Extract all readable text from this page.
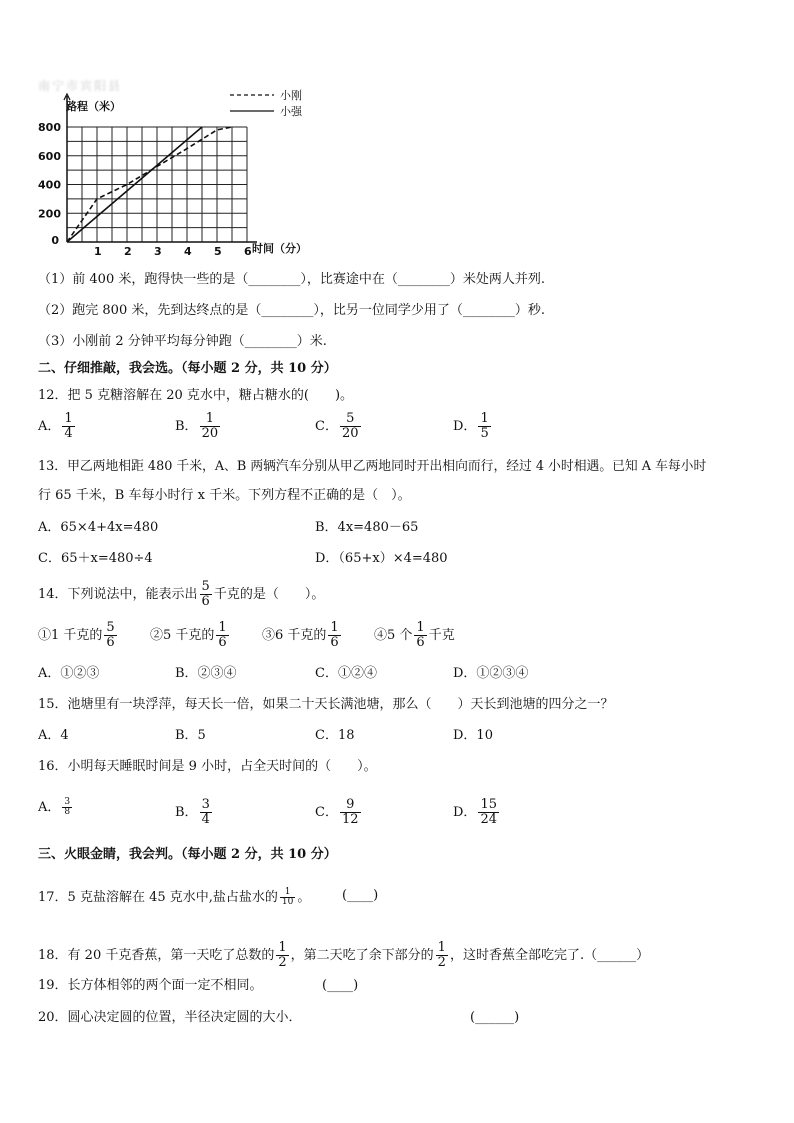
南宁市宾阳县
1 2 3 4 5 6
0
200
400
600
800
路程（米）
时间（分）
小刚
小强
（1）前 400 米，跑得快一些的是（________），比赛途中在（________）米处两人并列.
（2）跑完 800 米，先到达终点的是（________），比另一位同学少用了（________）秒.
（3）小刚前 2 分钟平均每分钟跑（________）米.
二、仔细推敲，我会选。（每小题 2 分，共 10 分）
12．把 5 克糖溶解在 20 克水中，糖占糖水的(　　)。
A． $\frac{1}{4}$	B． $\frac{1}{20}$	C． $\frac{5}{20}$	D． $\frac{1}{5}$
13．甲乙两地相距 480 千米，A、B 两辆汽车分别从甲乙两地同时开出相向而行，经过 4 小时相遇。已知 A 车每小时
行 65 千米，B 车每小时行 x 千米。下列方程不正确的是（　）。
A．65×4+4x=480	B．4x=480－65
C．65＋x=480÷4	D．（65+x）×4=480
14．下列说法中，能表示出 $\frac{5}{6}$ 千克的是（　　）。
①1 千克的 $\frac{5}{6}$	②5 千克的 $\frac{1}{6}$	③6 千克的 $\frac{1}{6}$	④5 个 $\frac{1}{6}$ 千克
A．①②③	B．②③④	C．①②④	D．①②③④
15．池塘里有一块浮萍，每天长一倍，如果二十天长满池塘，那么（　　）天长到池塘的四分之一？
A．4	B．5	C．18	D．10
16．小明每天睡眠时间是 9 小时，占全天时间的（　　）。
A． $\frac{3}{8}$	B． $\frac{3}{4}$	C． $\frac{9}{12}$	D． $\frac{15}{24}$
三、火眼金睛，我会判。（每小题 2 分，共 10 分）
17．5 克盐溶解在 45 克水中,盐占盐水的 $\frac{1}{10}$ 。 (____)
18．有 20 千克香蕉，第一天吃了总数的 $\frac{1}{2}$ ，第二天吃了余下部分的 $\frac{1}{2}$ ，这时香蕉全部吃完了.（______）
19．长方体相邻的两个面一定不相同。	(____)
20．圆心决定圆的位置，半径决定圆的大小．	(______)
